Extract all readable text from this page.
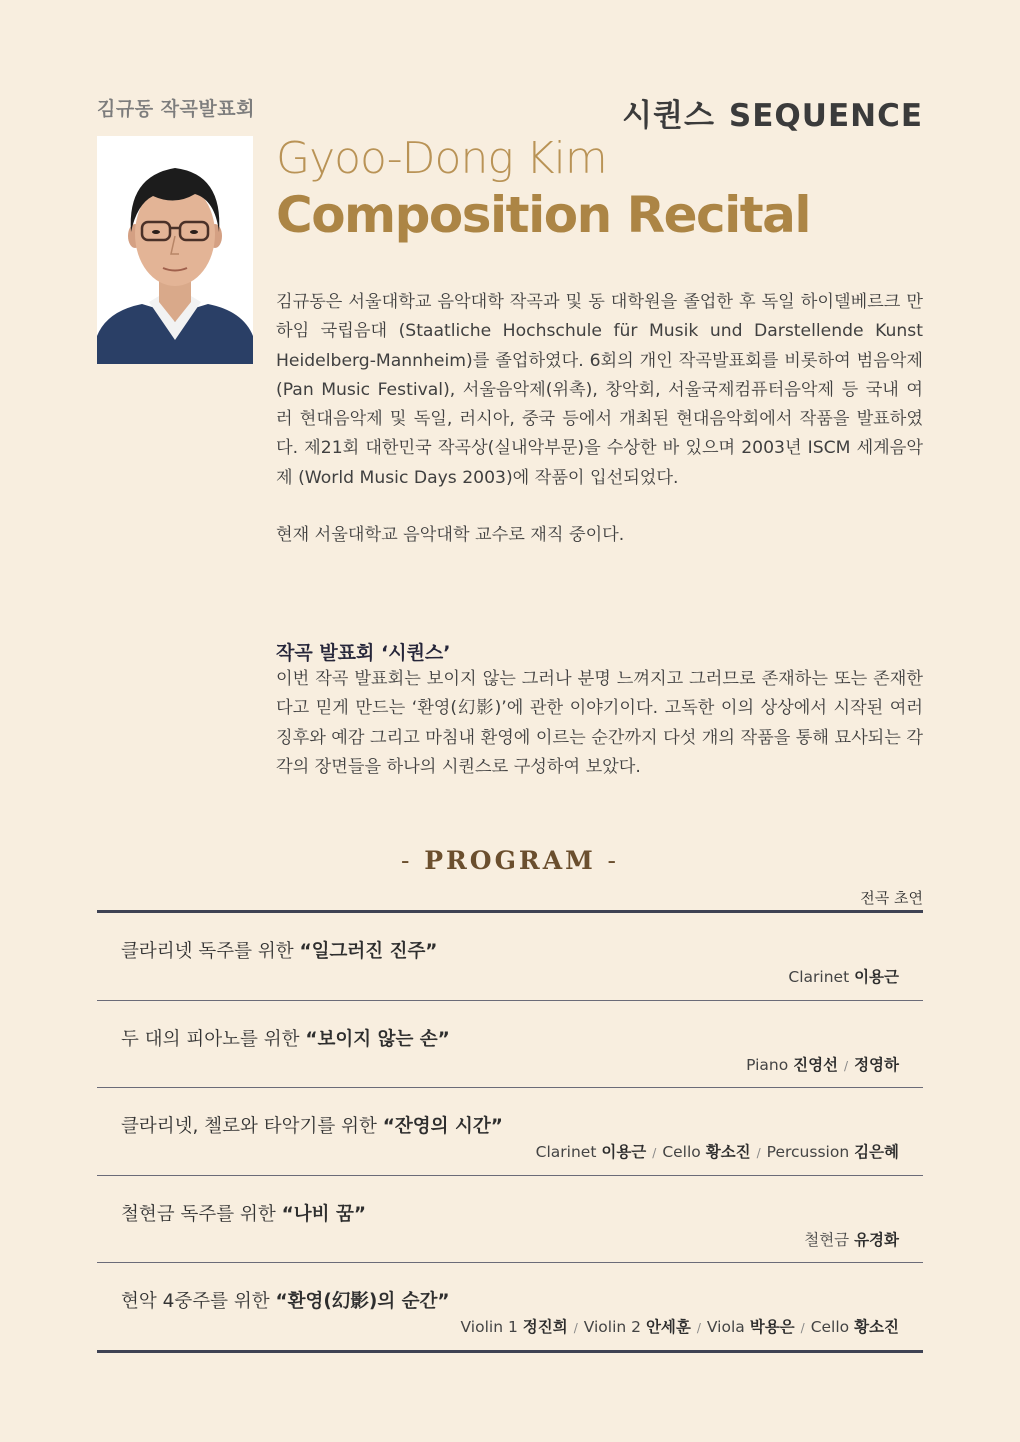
김규동 작곡발표회	시퀀스 SEQUENCE
Gyoo-Dong Kim
Composition Recital

김규동은 서울대학교 음악대학 작곡과 및 동 대학원을 졸업한 후 독일 하이델베르크 만하임 국립음대 (Staatliche Hochschule für Musik und Darstellende Kunst Heidelberg-Mannheim)를 졸업하였다. 6회의 개인 작곡발표회를 비롯하여 범음악제(Pan Music Festival), 서울음악제(위촉), 창악회, 서울국제컴퓨터음악제 등 국내 여러 현대음악제 및 독일, 러시아, 중국 등에서 개최된 현대음악회에서 작품을 발표하였다. 제21회 대한민국 작곡상(실내악부문)을 수상한 바 있으며 2003년 ISCM 세계음악제 (World Music Days 2003)에 작품이 입선되었다.

현재 서울대학교 음악대학 교수로 재직 중이다.

작곡 발표회 ‘시퀀스’
이번 작곡 발표회는 보이지 않는 그러나 분명 느껴지고 그러므로 존재하는 또는 존재한다고 믿게 만드는 ‘환영(幻影)’에 관한 이야기이다. 고독한 이의 상상에서 시작된 여러 징후와 예감 그리고 마침내 환영에 이르는 순간까지 다섯 개의 작품을 통해 묘사되는 각각의 장면들을 하나의 시퀀스로 구성하여 보았다.
- PROGRAM -
전곡 초연
클라리넷 독주를 위한 “일그러진 진주”
Clarinet 이용근
두 대의 피아노를 위한 “보이지 않는 손”
Piano 진영선 / 정영하
클라리넷, 첼로와 타악기를 위한 “잔영의 시간”
Clarinet 이용근 / Cello 황소진 / Percussion 김은혜
철현금 독주를 위한 “나비 꿈”
철현금 유경화
현악 4중주를 위한 “환영(幻影)의 순간”
Violin 1 정진희 / Violin 2 안세훈 / Viola 박용은 / Cello 황소진
